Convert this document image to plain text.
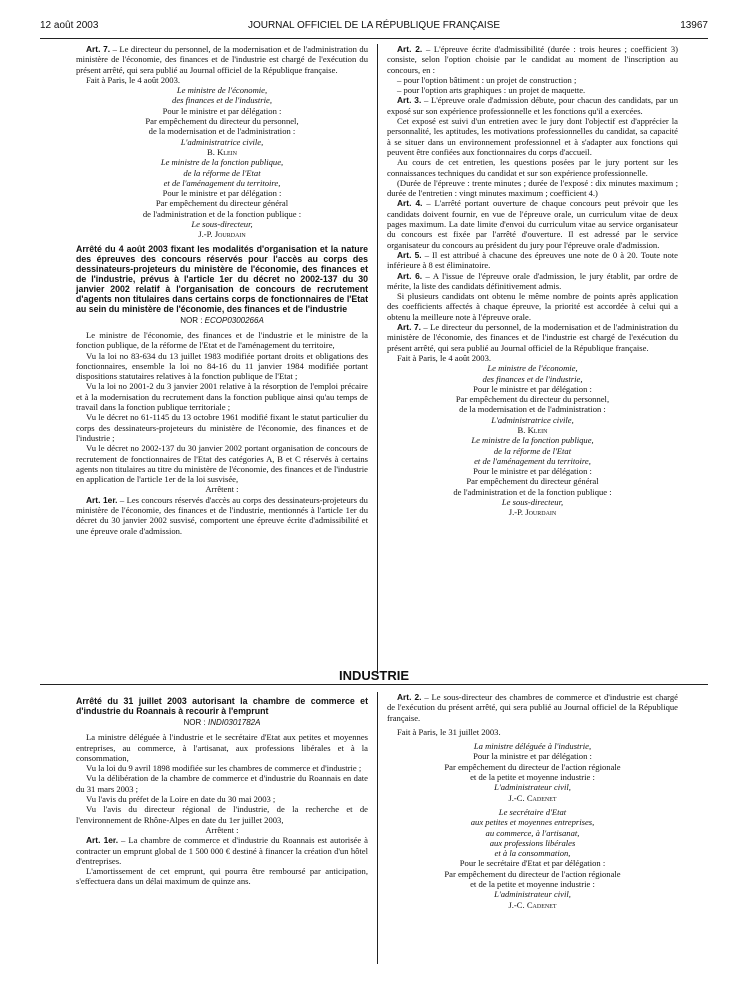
12 août 2003	JOURNAL OFFICIEL DE LA RÉPUBLIQUE FRANÇAISE	13967

Art. 7. – Le directeur du personnel, de la modernisation et de l'administration du ministère de l'économie, des finances et de l'industrie est chargé de l'exécution du présent arrêté, qui sera publié au Journal officiel de la République française.

Fait à Paris, le 4 août 2003.

Le ministre de l'économie,

des finances et de l'industrie,

Pour le ministre et par délégation :

Par empêchement du directeur du personnel,

de la modernisation et de l'administration :

L'administratrice civile,

B. Klein

Le ministre de la fonction publique,

de la réforme de l'Etat

et de l'aménagement du territoire,

Pour le ministre et par délégation :

Par empêchement du directeur général

de l'administration et de la fonction publique :

Le sous-directeur,

J.-P. Jourdain

Arrêté du 4 août 2003 fixant les modalités d'organisation et la nature des épreuves des concours réservés pour l'accès au corps des dessinateurs-projeteurs du ministère de l'économie, des finances et de l'industrie, prévus à l'article 1er du décret no 2002-137 du 30 janvier 2002 relatif à l'organisation de concours de recrutement d'agents non titulaires dans certains corps de fonctionnaires de l'Etat au sein du ministère de l'économie, des finances et de l'industrie
NOR : ECOP0300266A

Le ministre de l'économie, des finances et de l'industrie et le ministre de la fonction publique, de la réforme de l'Etat et de l'aménagement du territoire,

Vu la loi no 83-634 du 13 juillet 1983 modifiée portant droits et obligations des fonctionnaires, ensemble la loi no 84-16 du 11 janvier 1984 modifiée portant dispositions statutaires relatives à la fonction publique de l'Etat ;

Vu la loi no 2001-2 du 3 janvier 2001 relative à la résorption de l'emploi précaire et à la modernisation du recrutement dans la fonction publique ainsi qu'au temps de travail dans la fonction publique territoriale ;

Vu le décret no 61-1145 du 13 octobre 1961 modifié fixant le statut particulier du corps des dessinateurs-projeteurs du ministère de l'économie, des finances et de l'industrie ;

Vu le décret no 2002-137 du 30 janvier 2002 portant organisation de concours de recrutement de fonctionnaires de l'Etat des catégories A, B et C réservés à certains agents non titulaires au titre du ministère de l'économie, des finances et de l'industrie en application de l'article 1er de la loi susvisée,

Arrêtent :

Art. 1er. – Les concours réservés d'accès au corps des dessinateurs-projeteurs du ministère de l'économie, des finances et de l'industrie, mentionnés à l'article 1er du décret du 30 janvier 2002 susvisé, comportent une épreuve écrite d'admissibilité et une épreuve orale d'admission.

Art. 2. – L'épreuve écrite d'admissibilité (durée : trois heures ; coefficient 3) consiste, selon l'option choisie par le candidat au moment de l'inscription au concours, en :

– pour l'option bâtiment : un projet de construction ;

– pour l'option arts graphiques : un projet de maquette.

Art. 3. – L'épreuve orale d'admission débute, pour chacun des candidats, par un exposé sur son expérience professionnelle et les fonctions qu'il a exercées.

Cet exposé est suivi d'un entretien avec le jury dont l'objectif est d'apprécier la personnalité, les aptitudes, les motivations professionnelles du candidat, sa capacité à se situer dans un environnement professionnel et à s'adapter aux fonctions qui peuvent être confiées aux fonctionnaires du corps d'accueil.

Au cours de cet entretien, les questions posées par le jury portent sur les connaissances techniques du candidat et sur son expérience professionnelle.

(Durée de l'épreuve : trente minutes ; durée de l'exposé : dix minutes maximum ; durée de l'entretien : vingt minutes maximum ; coefficient 4.)

Art. 4. – L'arrêté portant ouverture de chaque concours peut prévoir que les candidats doivent fournir, en vue de l'épreuve orale, un curriculum vitae de deux pages maximum. La date limite d'envoi du curriculum vitae au service organisateur du concours est fixée par l'arrêté d'ouverture. Il est adressé par le service organisateur du concours au président du jury pour l'épreuve orale d'admission.

Art. 5. – Il est attribué à chacune des épreuves une note de 0 à 20. Toute note inférieure à 8 est éliminatoire.

Art. 6. – A l'issue de l'épreuve orale d'admission, le jury établit, par ordre de mérite, la liste des candidats définitivement admis.

Si plusieurs candidats ont obtenu le même nombre de points après application des coefficients affectés à chaque épreuve, la priorité est accordée à celui qui a obtenu la meilleure note à l'épreuve orale.

Art. 7. – Le directeur du personnel, de la modernisation et de l'administration du ministère de l'économie, des finances et de l'industrie est chargé de l'exécution du présent arrêté, qui sera publié au Journal officiel de la République française.

Fait à Paris, le 4 août 2003.

Le ministre de l'économie,

des finances et de l'industrie,

Pour le ministre et par délégation :

Par empêchement du directeur du personnel,

de la modernisation et de l'administration :

L'administratrice civile,

B. Klein

Le ministre de la fonction publique,

de la réforme de l'Etat

et de l'aménagement du territoire,

Pour le ministre et par délégation :

Par empêchement du directeur général

de l'administration et de la fonction publique :

Le sous-directeur,

J.-P. Jourdain

INDUSTRIE
Arrêté du 31 juillet 2003 autorisant la chambre de commerce et d'industrie du Roannais à recourir à l'emprunt
NOR : INDI0301782A

La ministre déléguée à l'industrie et le secrétaire d'Etat aux petites et moyennes entreprises, au commerce, à l'artisanat, aux professions libérales et à la consommation,

Vu la loi du 9 avril 1898 modifiée sur les chambres de commerce et d'industrie ;

Vu la délibération de la chambre de commerce et d'industrie du Roannais en date du 31 mars 2003 ;

Vu l'avis du préfet de la Loire en date du 30 mai 2003 ;

Vu l'avis du directeur régional de l'industrie, de la recherche et de l'environnement de Rhône-Alpes en date du 1er juillet 2003,

Arrêtent :

Art. 1er. – La chambre de commerce et d'industrie du Roannais est autorisée à contracter un emprunt global de 1 500 000 € destiné à financer la création d'un hôtel d'entreprises.

L'amortissement de cet emprunt, qui pourra être remboursé par anticipation, s'effectuera dans un délai maximum de quinze ans.

Art. 2. – Le sous-directeur des chambres de commerce et d'industrie est chargé de l'exécution du présent arrêté, qui sera publié au Journal officiel de la République française.

Fait à Paris, le 31 juillet 2003.

La ministre déléguée à l'industrie,

Pour la ministre et par délégation :

Par empêchement du directeur de l'action régionale

et de la petite et moyenne industrie :

L'administrateur civil,

J.-C. Cadenet

Le secrétaire d'Etat

aux petites et moyennes entreprises,

au commerce, à l'artisanat,

aux professions libérales

et à la consommation,

Pour le secrétaire d'Etat et par délégation :

Par empêchement du directeur de l'action régionale

et de la petite et moyenne industrie :

L'administrateur civil,

J.-C. Cadenet
